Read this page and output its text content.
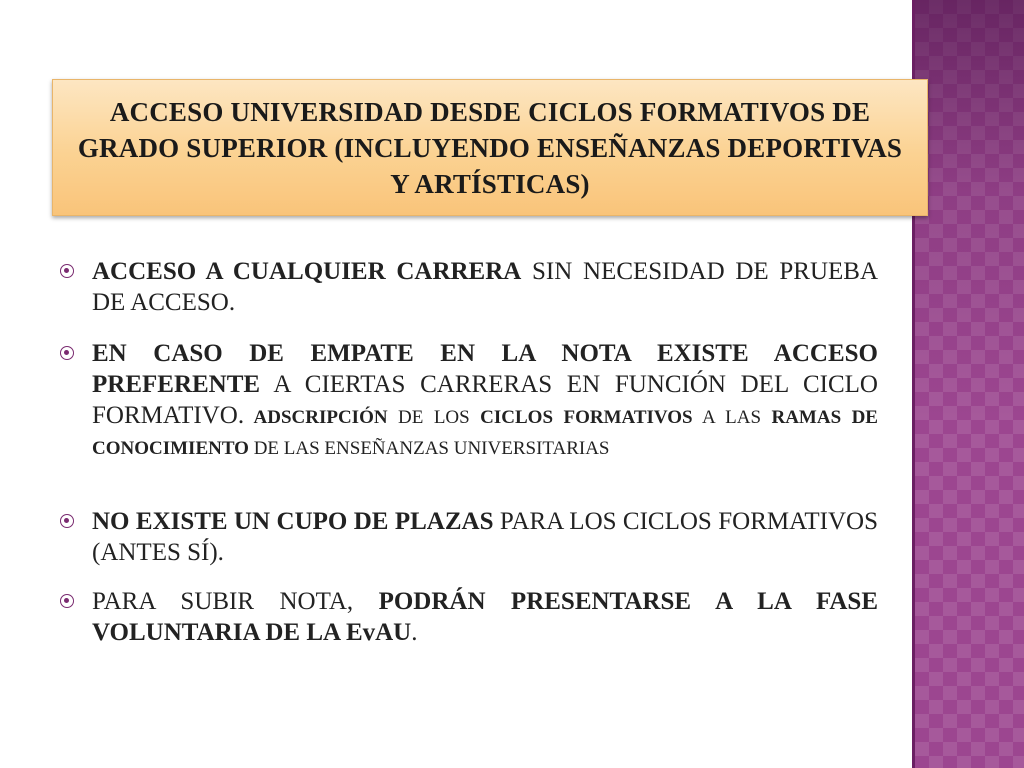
ACCESO UNIVERSIDAD DESDE CICLOS FORMATIVOS DE GRADO SUPERIOR (INCLUYENDO ENSEÑANZAS DEPORTIVAS Y ARTÍSTICAS)
ACCESO A CUALQUIER CARRERA SIN NECESIDAD DE PRUEBA DE ACCESO.
EN CASO DE EMPATE EN LA NOTA EXISTE ACCESO PREFERENTE A CIERTAS CARRERAS EN FUNCIÓN DEL CICLO FORMATIVO. ADSCRIPCIÓN DE LOS CICLOS FORMATIVOS A LAS RAMAS DE CONOCIMIENTO DE LAS ENSEÑANZAS UNIVERSITARIAS
NO EXISTE UN CUPO DE PLAZAS PARA LOS CICLOS FORMATIVOS (ANTES SÍ).
PARA SUBIR NOTA, PODRÁN PRESENTARSE A LA FASE VOLUNTARIA DE LA EvAU.
